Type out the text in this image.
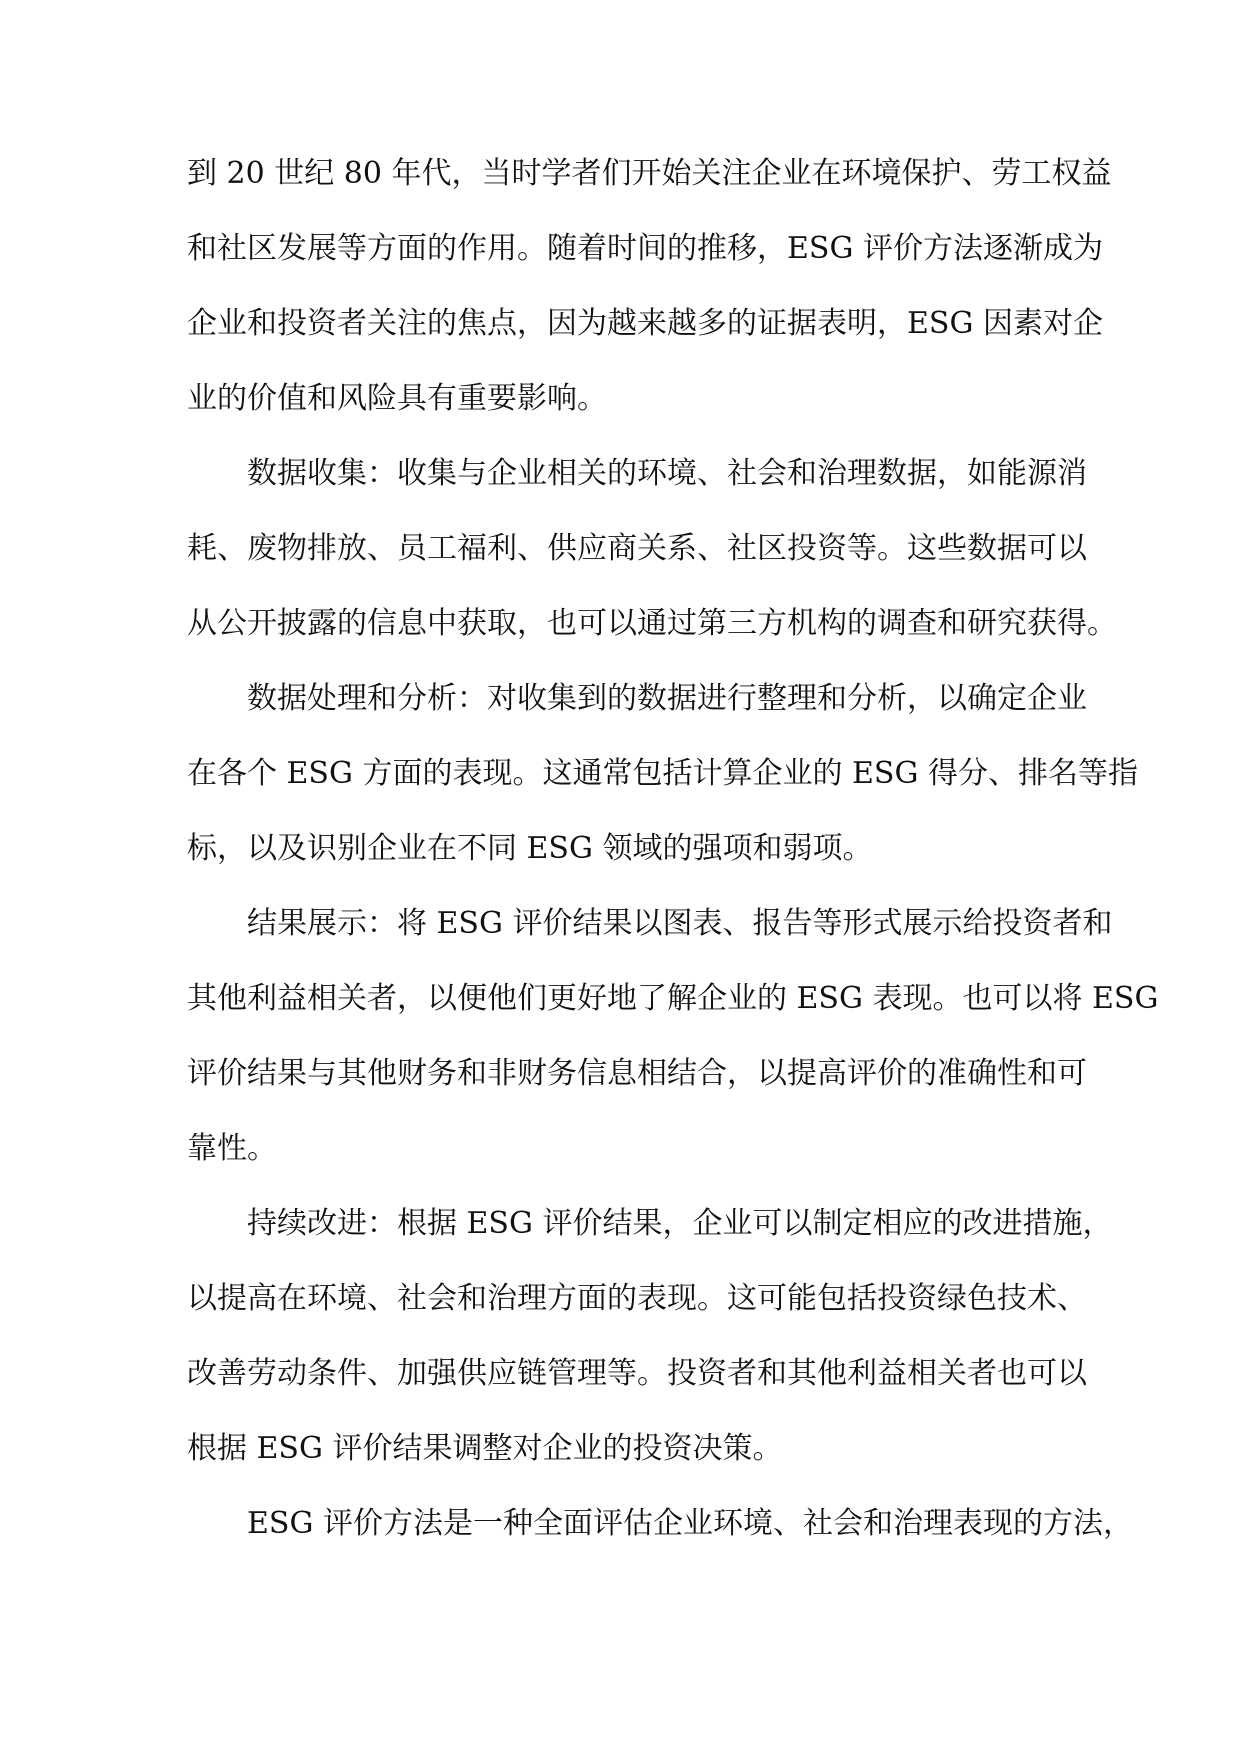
到 20 世纪 80 年代，当时学者们开始关注企业在环境保护、劳工权益
和社区发展等方面的作用。随着时间的推移，ESG 评价方法逐渐成为
企业和投资者关注的焦点，因为越来越多的证据表明，ESG 因素对企
业的价值和风险具有重要影响。
数据收集：收集与企业相关的环境、社会和治理数据，如能源消
耗、废物排放、员工福利、供应商关系、社区投资等。这些数据可以
从公开披露的信息中获取，也可以通过第三方机构的调查和研究获得。
数据处理和分析：对收集到的数据进行整理和分析，以确定企业
在各个 ESG 方面的表现。这通常包括计算企业的 ESG 得分、排名等指
标，以及识别企业在不同 ESG 领域的强项和弱项。
结果展示：将 ESG 评价结果以图表、报告等形式展示给投资者和
其他利益相关者，以便他们更好地了解企业的 ESG 表现。也可以将 ESG
评价结果与其他财务和非财务信息相结合，以提高评价的准确性和可
靠性。
持续改进：根据 ESG 评价结果，企业可以制定相应的改进措施，
以提高在环境、社会和治理方面的表现。这可能包括投资绿色技术、
改善劳动条件、加强供应链管理等。投资者和其他利益相关者也可以
根据 ESG 评价结果调整对企业的投资决策。
ESG 评价方法是一种全面评估企业环境、社会和治理表现的方法，
